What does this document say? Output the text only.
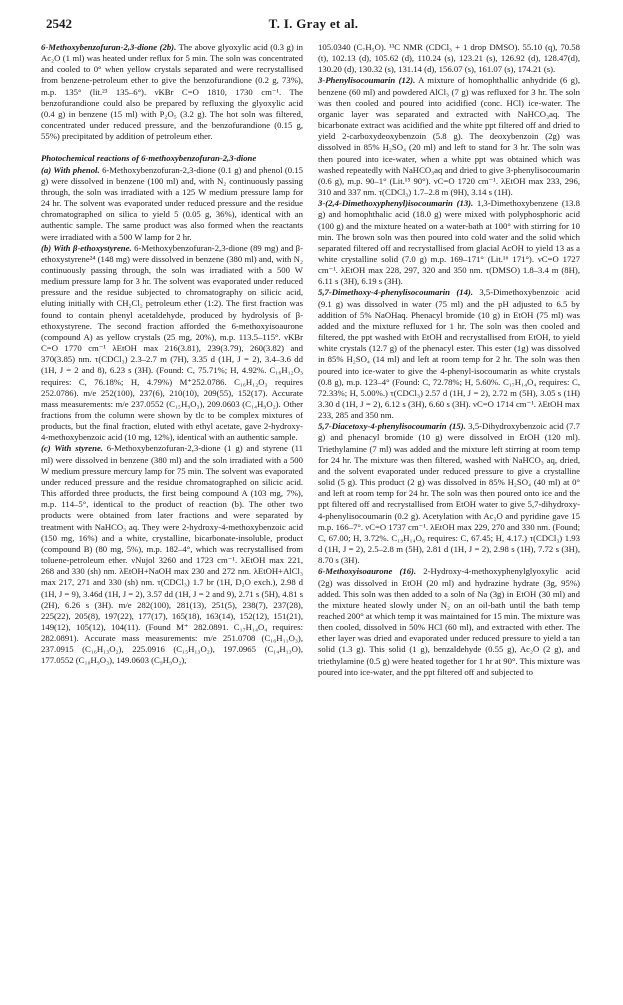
2542	T. I. Gray et al.

6-Methoxybenzofuran-2,3-dione (2b). The above glyoxylic acid (0.3 g) in Ac₂O (1 ml) was heated under reflux for 5 min. The soln was concentrated and cooled to 0° when yellow crystals separated and were recrystallised from benzene-petroleum ether to give the benzofurandione (0.2 g, 73%), m.p. 135° (lit.²³ 135–6°). νKBr C=O 1810, 1730 cm⁻¹. The benzofurandione could also be prepared by refluxing the glyoxylic acid (0.4 g) in benzene (15 ml) with P₂O₅ (3.2 g). The hot soln was filtered, concentrated under reduced pressure, and the benzofurandione (0.15 g, 55%) precipitated by addition of petroleum ether.

Photochemical reactions of 6-methoxybenzofuran-2,3-dione

(a) With phenol. 6-Methoxybenzofuran-2,3-dione (0.1 g) and phenol (0.15 g) were dissolved in benzene (100 ml) and, with N₂ continuously passing through, the soln was irradiated with a 125 W medium pressure lamp for 24 hr. The solvent was evaporated under reduced pressure and the residue chromatographed on silica to yield 5 (0.05 g, 36%), identical with an authentic sample. The same product was also formed when the reactants were irradiated with a 500 W lamp for 2 hr.

(b) With β-ethoxystyrene. 6-Methoxybenzofuran-2,3-dione (89 mg) and β-ethoxystyrene²⁴ (148 mg) were dissolved in benzene (380 ml) and, with N₂ continuously passing through, the soln was irradiated with a 500 W medium pressure lamp for 3 hr. The solvent was evaporated under reduced pressure and the residue subjected to chromatography on silicic acid, eluting initially with CH₂Cl₂ petroleum ether (1:2). The first fraction was found to contain phenyl acetaldehyde, produced by hydrolysis of β-ethoxystyrene. The second fraction afforded the 6-methoxyisoaurone (compound A) as yellow crystals (25 mg, 20%), m.p. 113.5–115°. νKBr C=O 1770 cm⁻¹ λEtOH max 216(3.81), 239(3.79), 260(3.82) and 370(3.85) nm. τ(CDCl₃) 2.3–2.7 m (7H), 3.35 d (1H, J = 2), 3.4–3.6 dd (1H, J = 2 and 8), 6.23 s (3H). (Found: C, 75.71%; H, 4.92%. C₁₆H₁₂O₃ requires: C, 76.18%; H, 4.79%) M⁺252.0786. C₁₆H₁₂O₃ requires 252.0786). m/e 252(100), 237(6), 210(10), 209(55), 152(17). Accurate mass measurements: m/e 237.0552 (C₁₅H₉O₃), 209.0603 (C₁₄H₉O₂). Other fractions from the column were shown by tlc to be complex mixtures of products, but the final fraction, eluted with ethyl acetate, gave 2-hydroxy-4-methoxybenzoic acid (10 mg, 12%), identical with an authentic sample.

(c) With styrene. 6-Methoxybenzofuran-2,3-dione (1 g) and styrene (11 ml) were dissolved in benzene (380 ml) and the soln irradiated with a 500 W medium pressure mercury lamp for 75 min. The solvent was evaporated under reduced pressure and the residue chromatographed on silicic acid. This afforded three products, the first being compound A (103 mg, 7%), m.p. 114–5°, identical to the product of reaction (b). The other two products were obtained from later fractions and were separated by treatment with NaHCO₃ aq. They were 2-hydroxy-4-methoxybenzoic acid (150 mg, 16%) and a white, crystalline, bicarbonate-insoluble, product (compound B) (80 mg, 5%), m.p. 182–4°, which was recrystallised from toluene-petroleum ether. νNujol 3260 and 1723 cm⁻¹. λEtOH max 221, 268 and 330 (sh) nm. λEtOH+NaOH max 230 and 272 nm. λEtOH+AlCl₃ max 217, 271 and 330 (sh) nm. τ(CDCl₃) 1.7 br (1H, D₂O exch.), 2.98 d (1H, J = 9), 3.46d (1H, J = 2), 3.57 dd (1H, J = 2 and 9), 2.71 s (5H), 4.81 s (2H), 6.26 s (3H). m/e 282(100), 281(13), 251(5), 238(7), 237(28), 225(22), 205(8), 197(22), 177(17), 165(18), 163(14), 152(12), 151(21), 149(12), 105(12), 104(11). (Found M⁺ 282.0891. C₁₇H₁₄O₄ requires: 282.0891). Accurate mass measurements: m/e 251.0708 (C₁₆H₁₁O₃), 237.0915 (C₁₆H₁₃O₂), 225.0916 (C₁₅H₁₃O₂), 197.0965 (C₁₄H₁₃O), 177.0552 (C₁₀H₉O₃), 149.0603 (C₉H₉O₂),

105.0340 (C₇H₅O). ¹³C NMR (CDCl₃ + 1 drop DMSO). 55.10 (q), 70.58 (t), 102.13 (d), 105.62 (d), 110.24 (s), 123.21 (s), 126.92 (d), 128.47(d), 130.20 (d), 130.32 (s), 131.14 (d), 156.07 (s), 161.07 (s), 174.21 (s).

3-Phenylisocoumarin (12). A mixture of homophthallic anhydride (6 g), benzene (60 ml) and powdered AlCl₃ (7 g) was refluxed for 3 hr. The soln was then cooled and poured into acidified (conc. HCl) ice-water. The organic layer was separated and extracted with NaHCO₃aq. The bicarbonate extract was acidified and the white ppt filtered off and dried to yield 2-carboxydeoxybenzoin (5.8 g). The deoxybenzoin (2g) was dissolved in 85% H₂SO₄ (20 ml) and left to stand for 3 hr. The soln was then poured into ice-water, when a white ppt was obtained which was washed repeatedly with NaHCO₃aq and dried to give 3-phenylisocoumarin (0.6 g), m.p. 90–1° (Lit.¹⁵ 90°). νC=O 1720 cm⁻¹. λEtOH max 233, 296, 310 and 337 nm. τ(CDCl₃) 1.7–2.8 m (9H), 3.14 s (1H).

3-(2,4-Dimethoxyphenyl)isocoumarin (13). 1,3-Dimethoxybenzene (13.8 g) and homophthalic acid (18.0 g) were mixed with polyphosphoric acid (100 g) and the mixture heated on a water-bath at 100° with stirring for 10 min. The brown soln was then poured into cold water and the solid which separated filtered off and recrystallised from glacial AcOH to yield 13 as a white crystalline solid (7.0 g) m.p. 169–171° (Lit.¹⁶ 171°). νC=O 1727 cm⁻¹. λEtOH max 228, 297, 320 and 350 nm. τ(DMSO) 1.8–3.4 m (8H), 6.11 s (3H), 6.19 s (3H).

5,7-Dimethoxy-4-phenylisocoumarin (14). 3,5-Dimethoxybenzoic acid (9.1 g) was dissolved in water (75 ml) and the pH adjusted to 6.5 by addition of 5% NaOHaq. Phenacyl bromide (10 g) in EtOH (75 ml) was added and the mixture refluxed for 1 hr. The soln was then cooled and filtered, the ppt washed with EtOH and recrystallised from EtOH, to yield white crystals (12.7 g) of the phenacyl ester. This ester (1g) was dissolved in 85% H₂SO₄ (14 ml) and left at room temp for 2 hr. The soln was then poured into ice-water to give the 4-phenyl-isocoumarin as white crystals (0.8 g), m.p. 123–4° (Found: C, 72.78%; H, 5.60%. C₁₇H₁₄O₄ requires: C, 72.33%; H, 5.00%.) τ(CDCl₃) 2.57 d (1H, J = 2), 2.72 m (5H), 3.05 s (1H) 3.30 d (1H, J = 2), 6.12 s (3H), 6.60 s (3H). νC=O 1714 cm⁻¹. λEtOH max 233, 285 and 350 nm.

5,7-Diacetoxy-4-phenylisocoumarin (15). 3,5-Dihydroxybenzoic acid (7.7 g) and phenacyl bromide (10 g) were dissolved in EtOH (120 ml). Triethylamine (7 ml) was added and the mixture left stirring at room temp for 24 hr. The mixture was then filtered, washed with NaHCO₃ aq, dried, and the solvent evaporated under reduced pressure to give a crystalline solid (5 g). This product (2 g) was dissolved in 85% H₂SO₄ (40 ml) at 0° and left at room temp for 24 hr. The soln was then poured onto ice and the ppt filtered off and recrystallised from EtOH water to give 5,7-dihydroxy-4-phenylisocoumarin (0.2 g). Acetylation with Ac₂O and pyridine gave 15 m.p. 166–7°. νC=O 1737 cm⁻¹. λEtOH max 229, 270 and 330 nm. (Found; C, 67.00; H, 3.72%. C₁₉H₁₄O₆ requires: C, 67.45; H, 4.17.) τ(CDCl₃) 1.93 d (1H, J = 2), 2.5–2.8 m (5H), 2.81 d (1H, J = 2), 2.98 s (1H), 7.72 s (3H), 8.70 s (3H).

6-Methoxyisoaurone (16). 2-Hydroxy-4-methoxyphenylglyoxylic acid (2g) was dissolved in EtOH (20 ml) and hydrazine hydrate (3g, 95%) added. This soln was then added to a soln of Na (3g) in EtOH (30 ml) and the mixture heated slowly under N₂ on an oil-bath until the bath temp reached 200° at which temp it was maintained for 15 min. The mixture was then cooled, dissolved in 50% HCl (60 ml), and extracted with ether. The ether layer was dried and evaporated under reduced pressure to yield a tan solid (1.3 g). This solid (1 g), benzaldehyde (0.55 g), Ac₂O (2 g), and triethylamine (0.5 g) were heated together for 1 hr at 90°. This mixture was poured into ice-water, and the ppt filtered off and subjected to
